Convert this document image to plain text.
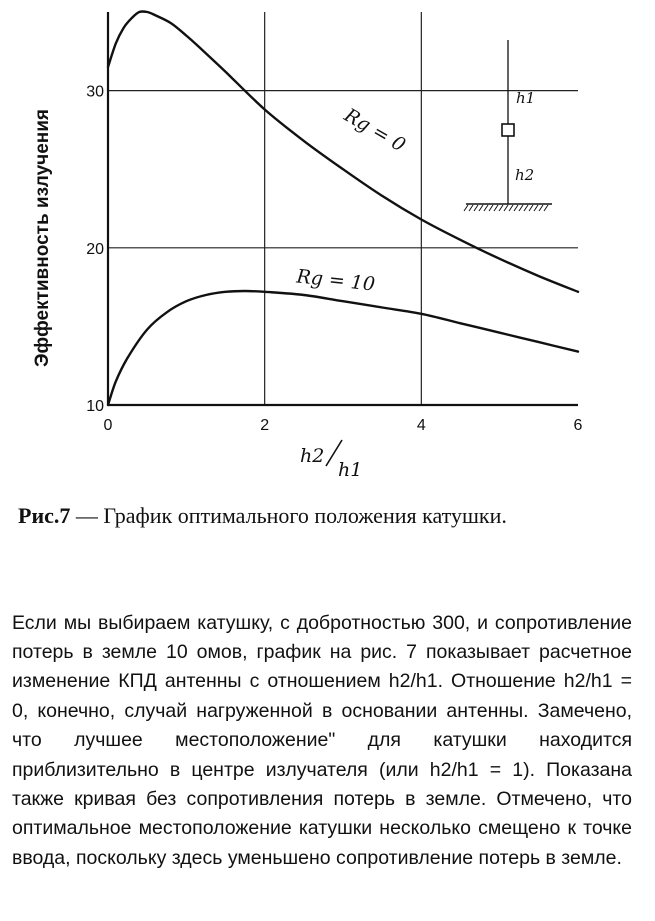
Rg = 0
Rg = 10
0	2	4	6
10
20
30
Эффективность излучения
h2
h1
h1
h2
Рис.7 — График оптимального положения катушки.

Если мы выбираем катушку, с добротностью 300, и сопротивление потерь в земле 10 омов, график на рис. 7 показывает расчетное изменение КПД антенны с отношением h2/h1. Отношение h2/h1 = 0, конечно, случай нагруженной в основании антенны. Замечено, что лучшее местоположение" для катушки находится приблизительно в центре излучателя (или h2/h1 = 1). Показана также кривая без сопротивления потерь в земле. Отмечено, что оптимальное местоположение катушки несколько смещено к точке ввода, поскольку здесь уменьшено сопротивление потерь в земле.
